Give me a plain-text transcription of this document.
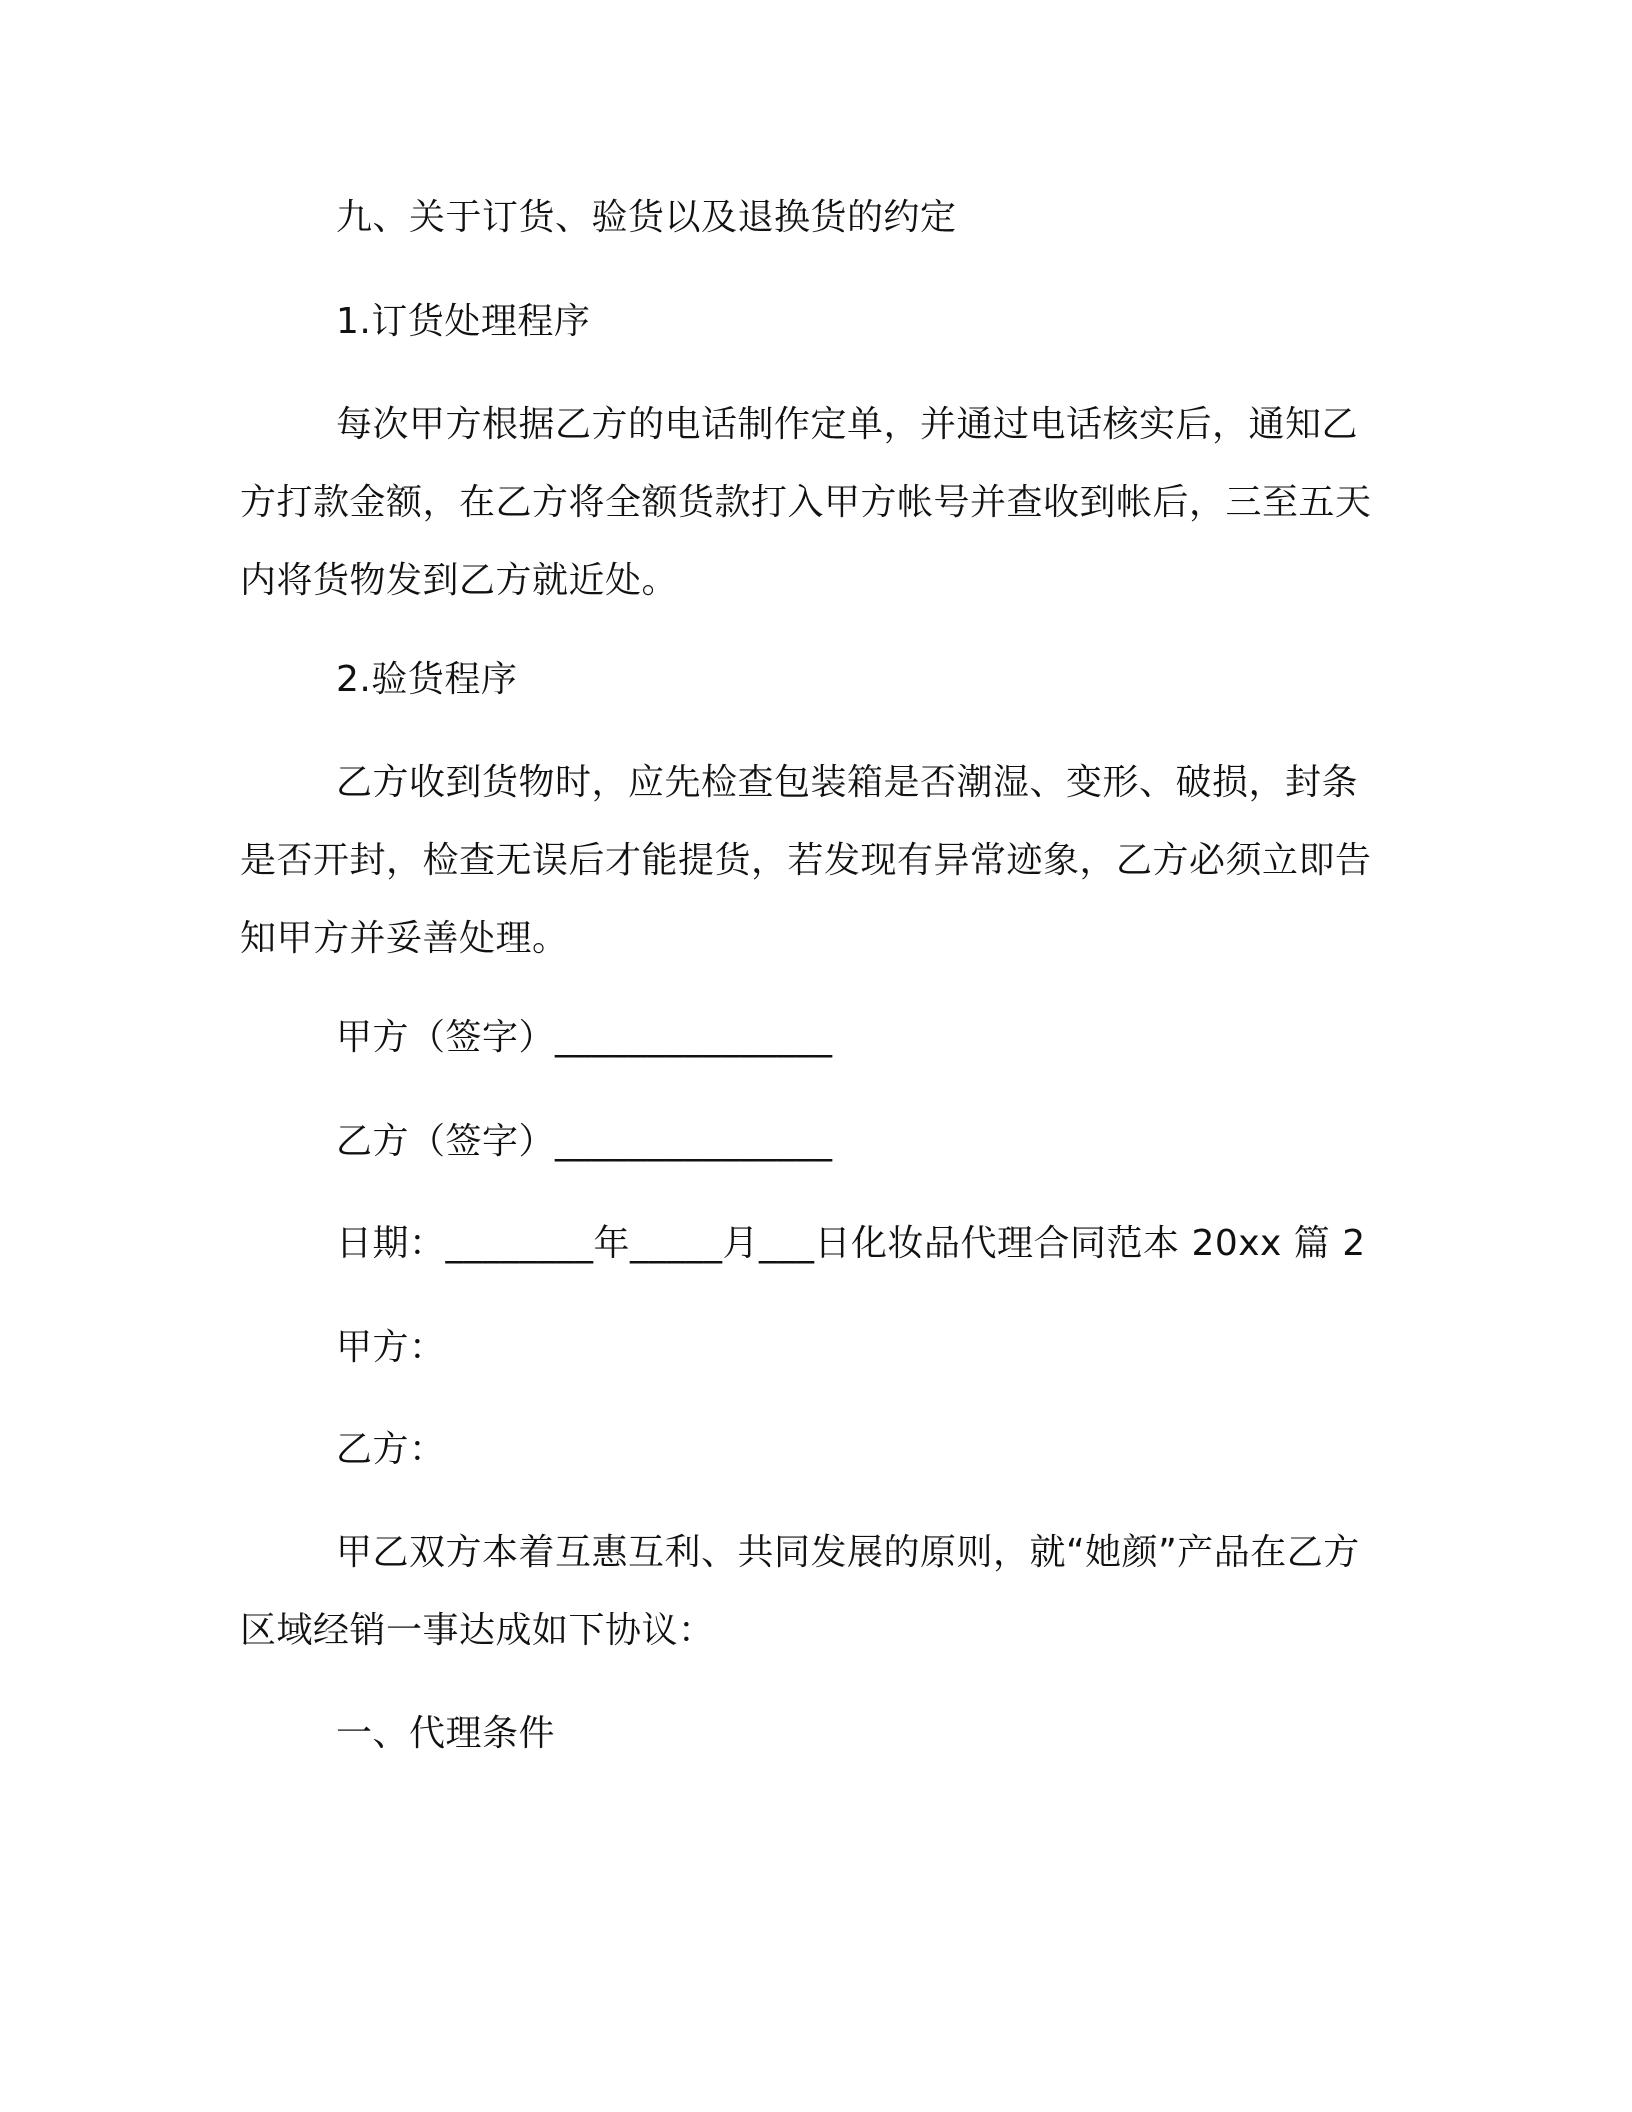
九、关于订货、验货以及退换货的约定
1.订货处理程序

每次甲方根据乙方的电话制作定单，并通过电话核实后，通知乙方打款金额，在乙方将全额货款打入甲方帐号并查收到帐后，三至五天内将货物发到乙方就近处。

2.验货程序

乙方收到货物时，应先检查包装箱是否潮湿、变形、破损，封条是否开封，检查无误后才能提货，若发现有异常迹象，乙方必须立即告知甲方并妥善处理。

甲方（签字）_______________
乙方（签字）_______________
日期：________年_____月___日化妆品代理合同范本 20xx 篇 2
甲方：
乙方：

甲乙双方本着互惠互利、共同发展的原则，就“她颜”产品在乙方区域经销一事达成如下协议：

一、代理条件
